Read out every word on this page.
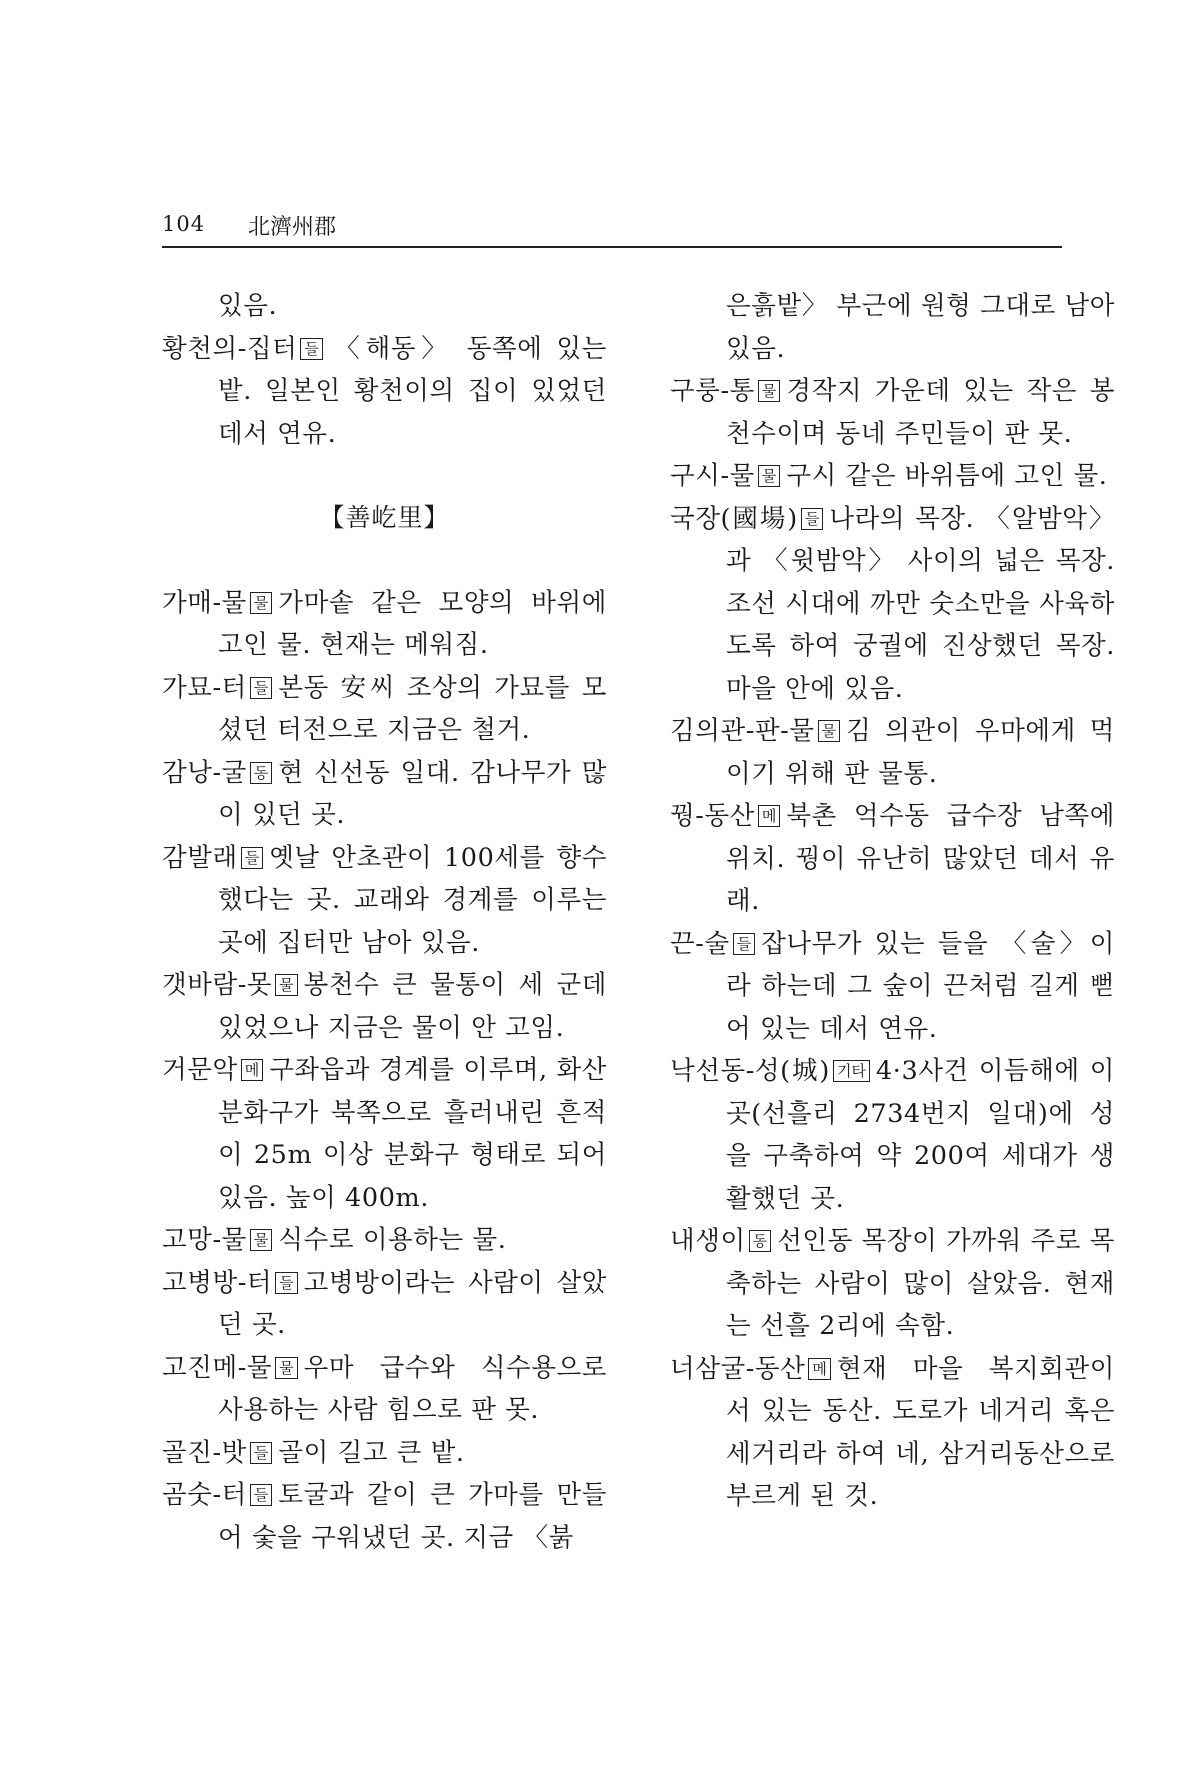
104 北濟州郡
있음.
황천의-집터 들 〈해동〉 동쪽에 있는 밭. 일본인 황천이의 집이 있었던 데서 연유.
【善屹里】
가매-물 물 가마솥 같은 모양의 바위에 고인 물. 현재는 메워짐.
가묘-터 들 본동 安씨 조상의 가묘를 모셨던 터전으로 지금은 철거.
감낭-굴 동 현 신선동 일대. 감나무가 많이 있던 곳.
감발래 들 옛날 안초관이 100세를 향수했다는 곳. 교래와 경계를 이루는 곳에 집터만 남아 있음.
갯바람-못 물 봉천수 큰 물통이 세 군데 있었으나 지금은 물이 안 고임.
거문악 메 구좌읍과 경계를 이루며, 화산 분화구가 북쪽으로 흘러내린 흔적이 25m 이상 분화구 형태로 되어 있음. 높이 400m.
고망-물 물 식수로 이용하는 물.
고병방-터 들 고병방이라는 사람이 살았던 곳.
고진메-물 물 우마 급수와 식수용으로 사용하는 사람 힘으로 판 못.
골진-밧 들 골이 길고 큰 밭.
곰숫-터 들 토굴과 같이 큰 가마를 만들어 숯을 구워냈던 곳. 지금 〈붉
은흙밭〉 부근에 원형 그대로 남아 있음.
구룽-통 물 경작지 가운데 있는 작은 봉천수이며 동네 주민들이 판 못.
구시-물 물 구시 같은 바위틈에 고인 물.
국장(國場) 들 나라의 목장. 〈알밤악〉과 〈윗밤악〉 사이의 넓은 목장. 조선 시대에 까만 숫소만을 사육하도록 하여 궁궐에 진상했던 목장. 마을 안에 있음.
김의관-판-물 물 김 의관이 우마에게 먹이기 위해 판 물통.
꿩-동산 메 북촌 억수동 급수장 남쪽에 위치. 꿩이 유난히 많았던 데서 유래.
끈-술 들 잡나무가 있는 들을 〈술〉이라 하는데 그 숲이 끈처럼 길게 뻗어 있는 데서 연유.
낙선동-성(城) 기타 4·3사건 이듬해에 이곳(선흘리 2734번지 일대)에 성을 구축하여 약 200여 세대가 생활했던 곳.
내생이 동 선인동 목장이 가까워 주로 목축하는 사람이 많이 살았음. 현재는 선흘 2리에 속함.
너삼굴-동산 메 현재 마을 복지회관이 서 있는 동산. 도로가 네거리 혹은 세거리라 하여 네, 삼거리동산으로 부르게 된 것.
